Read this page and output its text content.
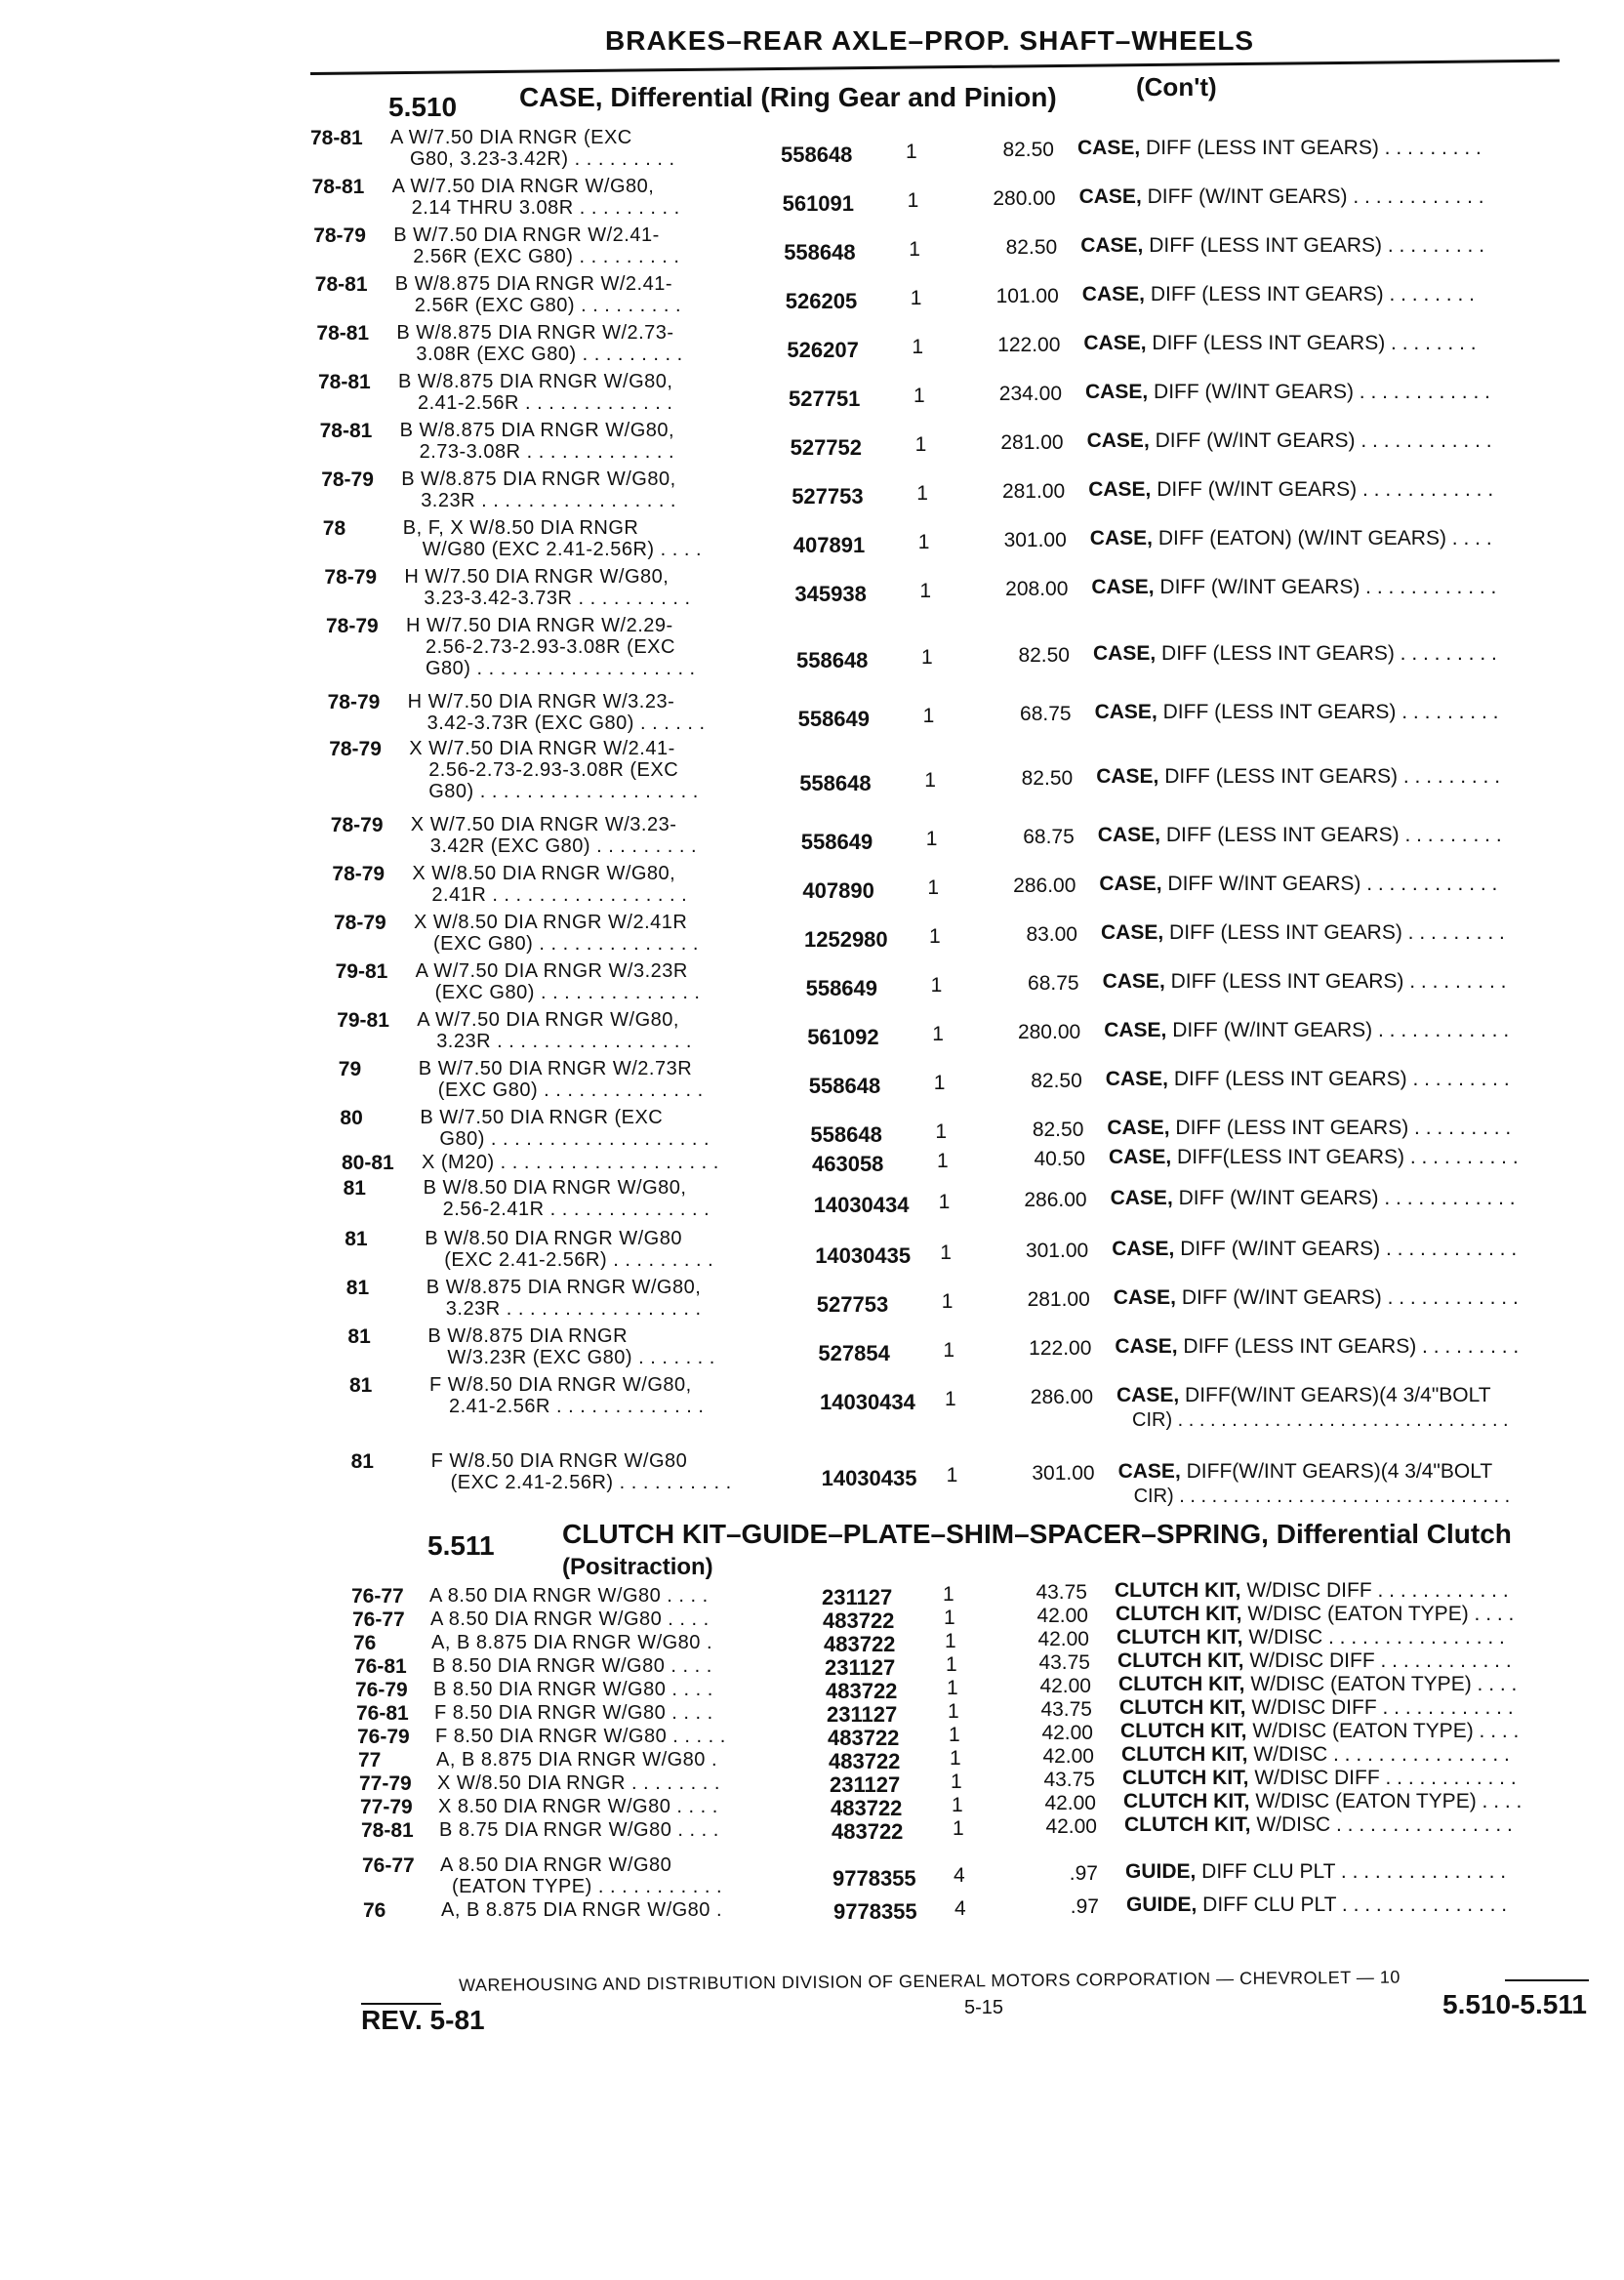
BRAKES–REAR AXLE–PROP. SHAFT–WHEELS
5.510 CASE, Differential (Ring Gear and Pinion)	(Con't)
78-81 A W/7.50 DIA RNGR (EXC
G80, 3.23-3.42R) . . . . . . . . .	558648	1	82.50 CASE, DIFF (LESS INT GEARS) . . . . . . . . .
78-81 A W/7.50 DIA RNGR W/G80,
2.14 THRU 3.08R . . . . . . . . .	561091	1	280.00 CASE, DIFF (W/INT GEARS) . . . . . . . . . . . .
78-79 B W/7.50 DIA RNGR W/2.41-
2.56R (EXC G80) . . . . . . . . .	558648	1	82.50 CASE, DIFF (LESS INT GEARS) . . . . . . . . .
78-81 B W/8.875 DIA RNGR W/2.41-
2.56R (EXC G80) . . . . . . . . .	526205	1	101.00 CASE, DIFF (LESS INT GEARS) . . . . . . . .
78-81 B W/8.875 DIA RNGR W/2.73-
3.08R (EXC G80) . . . . . . . . .	526207	1	122.00 CASE, DIFF (LESS INT GEARS) . . . . . . . .
78-81 B W/8.875 DIA RNGR W/G80,
2.41-2.56R . . . . . . . . . . . . .	527751	1	234.00 CASE, DIFF (W/INT GEARS) . . . . . . . . . . . .
78-81 B W/8.875 DIA RNGR W/G80,
2.73-3.08R . . . . . . . . . . . . .	527752	1	281.00 CASE, DIFF (W/INT GEARS) . . . . . . . . . . . .
78-79 B W/8.875 DIA RNGR W/G80,
3.23R . . . . . . . . . . . . . . . . .	527753	1	281.00 CASE, DIFF (W/INT GEARS) . . . . . . . . . . . .
78	B, F, X W/8.50 DIA RNGR
W/G80 (EXC 2.41-2.56R) . . . .	407891	1	301.00 CASE, DIFF (EATON) (W/INT GEARS) . . . .
78-79 H W/7.50 DIA RNGR W/G80,
3.23-3.42-3.73R . . . . . . . . . .	345938	1	208.00 CASE, DIFF (W/INT GEARS) . . . . . . . . . . . .
78-79 H W/7.50 DIA RNGR W/2.29-
2.56-2.73-2.93-3.08R (EXC
G80) . . . . . . . . . . . . . . . . . . .	558648	1	82.50 CASE, DIFF (LESS INT GEARS) . . . . . . . . .
78-79 H W/7.50 DIA RNGR W/3.23-
3.42-3.73R (EXC G80) . . . . . .	558649	1	68.75 CASE, DIFF (LESS INT GEARS) . . . . . . . . .
78-79 X W/7.50 DIA RNGR W/2.41-
2.56-2.73-2.93-3.08R (EXC
G80) . . . . . . . . . . . . . . . . . . .	558648	1	82.50 CASE, DIFF (LESS INT GEARS) . . . . . . . . .
78-79 X W/7.50 DIA RNGR W/3.23-
3.42R (EXC G80) . . . . . . . . .	558649	1	68.75 CASE, DIFF (LESS INT GEARS) . . . . . . . . .
78-79 X W/8.50 DIA RNGR W/G80,
2.41R . . . . . . . . . . . . . . . . .	407890	1	286.00 CASE, DIFF W/INT GEARS) . . . . . . . . . . . .
78-79 X W/8.50 DIA RNGR W/2.41R
(EXC G80) . . . . . . . . . . . . . .	1252980 1	83.00 CASE, DIFF (LESS INT GEARS) . . . . . . . . .
79-81 A W/7.50 DIA RNGR W/3.23R
(EXC G80) . . . . . . . . . . . . . .	558649	1	68.75 CASE, DIFF (LESS INT GEARS) . . . . . . . . .
79-81 A W/7.50 DIA RNGR W/G80,
3.23R . . . . . . . . . . . . . . . . .	561092	1	280.00 CASE, DIFF (W/INT GEARS) . . . . . . . . . . . .
79	B W/7.50 DIA RNGR W/2.73R
(EXC G80) . . . . . . . . . . . . . .	558648	1	82.50 CASE, DIFF (LESS INT GEARS) . . . . . . . . .
80	B W/7.50 DIA RNGR (EXC
G80) . . . . . . . . . . . . . . . . . . .	558648	1	82.50 CASE, DIFF (LESS INT GEARS) . . . . . . . . .
80-81 X (M20) . . . . . . . . . . . . . . . . . . .	463058	1	40.50 CASE, DIFF(LESS INT GEARS) . . . . . . . . . .
81	B W/8.50 DIA RNGR W/G80,
2.56-2.41R . . . . . . . . . . . . . .	14030434 1	286.00 CASE, DIFF (W/INT GEARS) . . . . . . . . . . . .
81	B W/8.50 DIA RNGR W/G80
(EXC 2.41-2.56R) . . . . . . . . .	14030435 1	301.00 CASE, DIFF (W/INT GEARS) . . . . . . . . . . . .
81	B W/8.875 DIA RNGR W/G80,
3.23R . . . . . . . . . . . . . . . . .	527753	1	281.00 CASE, DIFF (W/INT GEARS) . . . . . . . . . . . .
81	B W/8.875 DIA RNGR
W/3.23R (EXC G80) . . . . . . .	527854	1	122.00 CASE, DIFF (LESS INT GEARS) . . . . . . . . .
81	F W/8.50 DIA RNGR W/G80,
2.41-2.56R . . . . . . . . . . . . .	14030434 1	286.00 CASE, DIFF(W/INT GEARS)(4 3/4"BOLT
CIR) . . . . . . . . . . . . . . . . . . . . . . . . . . . . . . .
81	F W/8.50 DIA RNGR W/G80
(EXC 2.41-2.56R) . . . . . . . . . .	14030435 1	301.00 CASE, DIFF(W/INT GEARS)(4 3/4"BOLT
CIR) . . . . . . . . . . . . . . . . . . . . . . . . . . . . . . .
5.511 CLUTCH KIT–GUIDE–PLATE–SHIM–SPACER–SPRING, Differential Clutch
(Positraction)
76-77 A 8.50 DIA RNGR W/G80 . . . .	231127 1	43.75 CLUTCH KIT, W/DISC DIFF . . . . . . . . . . . .
76-77 A 8.50 DIA RNGR W/G80 . . . .	483722 1	42.00 CLUTCH KIT, W/DISC (EATON TYPE) . . . .
76	A, B 8.875 DIA RNGR W/G80 .	483722 1	42.00 CLUTCH KIT, W/DISC . . . . . . . . . . . . . . . .
76-81 B 8.50 DIA RNGR W/G80 . . . .	231127 1	43.75 CLUTCH KIT, W/DISC DIFF . . . . . . . . . . . .
76-79 B 8.50 DIA RNGR W/G80 . . . .	483722 1	42.00 CLUTCH KIT, W/DISC (EATON TYPE) . . . .
76-81 F 8.50 DIA RNGR W/G80 . . . .	231127 1	43.75 CLUTCH KIT, W/DISC DIFF . . . . . . . . . . . .
76-79 F 8.50 DIA RNGR W/G80 . . . . .	483722 1	42.00 CLUTCH KIT, W/DISC (EATON TYPE) . . . .
77	A, B 8.875 DIA RNGR W/G80 .	483722 1	42.00 CLUTCH KIT, W/DISC . . . . . . . . . . . . . . . .
77-79 X W/8.50 DIA RNGR . . . . . . . .	231127 1	43.75 CLUTCH KIT, W/DISC DIFF . . . . . . . . . . . .
77-79 X 8.50 DIA RNGR W/G80 . . . .	483722 1	42.00 CLUTCH KIT, W/DISC (EATON TYPE) . . . .
78-81 B 8.75 DIA RNGR W/G80 . . . .	483722 1	42.00 CLUTCH KIT, W/DISC . . . . . . . . . . . . . . . .
76-77 A 8.50 DIA RNGR W/G80
(EATON TYPE) . . . . . . . . . . .	9778355 4	.97 GUIDE, DIFF CLU PLT . . . . . . . . . . . . . . .
76	A, B 8.875 DIA RNGR W/G80 .	9778355 4	.97 GUIDE, DIFF CLU PLT . . . . . . . . . . . . . . .
WAREHOUSING AND DISTRIBUTION DIVISION OF GENERAL MOTORS CORPORATION — CHEVROLET — 10
REV. 5-81	5-15	5.510-5.511
